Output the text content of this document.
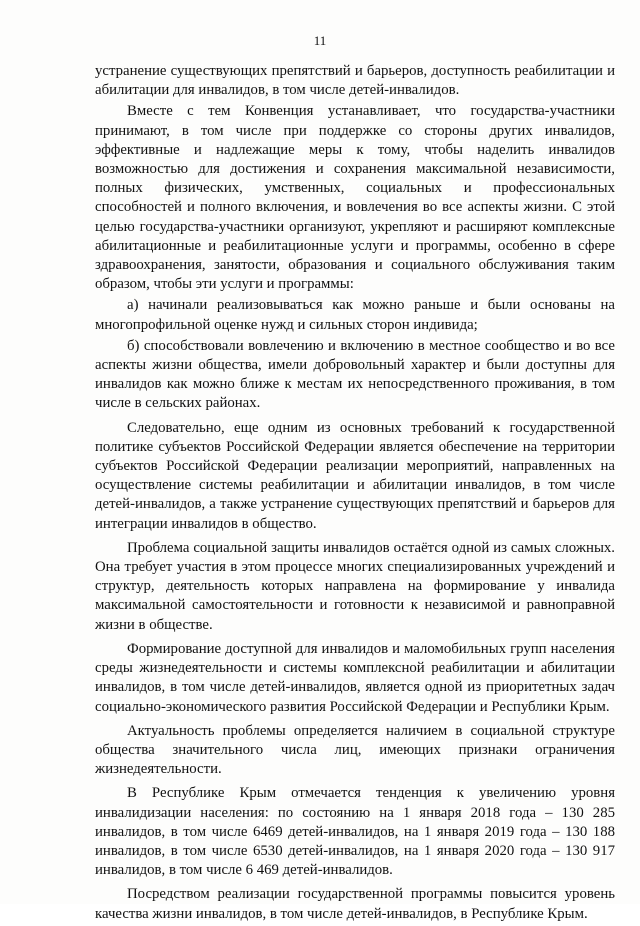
11

устранение существующих препятствий и барьеров, доступность реабилитации и абилитации для инвалидов, в том числе детей-инвалидов.

Вместе с тем Конвенция устанавливает, что государства-участники принимают, в том числе при поддержке со стороны других инвалидов, эффективные и надлежащие меры к тому, чтобы наделить инвалидов возможностью для достижения и сохранения максимальной независимости, полных физических, умственных, социальных и профессиональных способностей и полного включения, и вовлечения во все аспекты жизни. С этой целью государства-участники организуют, укрепляют и расширяют комплексные абилитационные и реабилитационные услуги и программы, особенно в сфере здравоохранения, занятости, образования и социального обслуживания таким образом, чтобы эти услуги и программы:

а) начинали реализовываться как можно раньше и были основаны на многопрофильной оценке нужд и сильных сторон индивида;

б) способствовали вовлечению и включению в местное сообщество и во все аспекты жизни общества, имели добровольный характер и были доступны для инвалидов как можно ближе к местам их непосредственного проживания, в том числе в сельских районах.

Следовательно, еще одним из основных требований к государственной политике субъектов Российской Федерации является обеспечение на территории субъектов Российской Федерации реализации мероприятий, направленных на осуществление системы реабилитации и абилитации инвалидов, в том числе детей-инвалидов, а также устранение существующих препятствий и барьеров для интеграции инвалидов в общество.

Проблема социальной защиты инвалидов остаётся одной из самых сложных. Она требует участия в этом процессе многих специализированных учреждений и структур, деятельность которых направлена на формирование у инвалида максимальной самостоятельности и готовности к независимой и равноправной жизни в обществе.

Формирование доступной для инвалидов и маломобильных групп населения среды жизнедеятельности и системы комплексной реабилитации и абилитации инвалидов, в том числе детей-инвалидов, является одной из приоритетных задач социально-экономического развития Российской Федерации и Республики Крым.

Актуальность проблемы определяется наличием в социальной структуре общества значительного числа лиц, имеющих признаки ограничения жизнедеятельности.

В Республике Крым отмечается тенденция к увеличению уровня инвалидизации населения: по состоянию на 1 января 2018 года – 130 285 инвалидов, в том числе 6469 детей-инвалидов, на 1 января 2019 года – 130 188 инвалидов, в том числе 6530 детей-инвалидов, на 1 января 2020 года – 130 917 инвалидов, в том числе 6 469 детей-инвалидов.

Посредством реализации государственной программы повысится уровень качества жизни инвалидов, в том числе детей-инвалидов, в Республике Крым.
